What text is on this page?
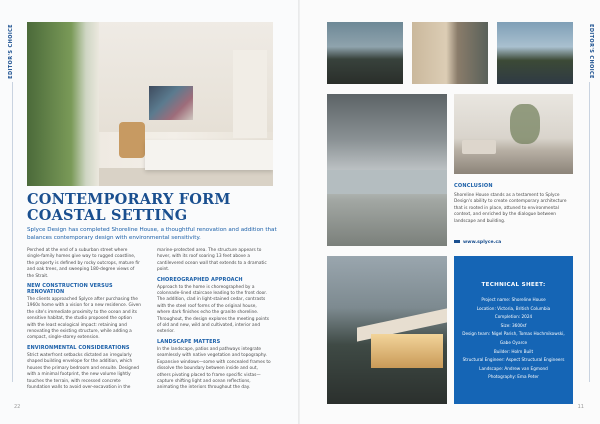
EDITOR'S CHOICE
CONTEMPORARY FORM
COASTAL SETTING
Splyce Design has completed Shoreline House, a thoughtful renovation and addition that balances contemporary design with environmental sensitivity.

Perched at the end of a suburban street where single-family homes give way to rugged coastline, the property is defined by rocky outcrops, mature fir and oak trees, and sweeping 180-degree views of the Strait.

NEW CONSTRUCTION VERSUS RENOVATION

The clients approached Splyce after purchasing the 1960s home with a vision for a new residence. Given the site's immediate proximity to the ocean and its sensitive habitat, the studio proposed the option with the least ecological impact: retaining and renovating the existing structure, while adding a compact, single-storey extension.

ENVIRONMENTAL CONSIDERATIONS

Strict waterfront setbacks dictated an irregularly shaped building envelope for the addition, which houses the primary bedroom and ensuite. Designed with a minimal footprint, the new volume lightly touches the terrain, with recessed concrete foundation walls to avoid over-excavation in the

marine-protected area. The structure appears to hover, with its roof soaring 13 feet above a cantilevered ocean wall that extends to a dramatic point.

CHOREOGRAPHED APPROACH

Approach to the home is choreographed by a colonnade-lined staircase leading to the front door. The addition, clad in light-stained cedar, contrasts with the steel roof forms of the original house, where dark finishes echo the granite shoreline. Throughout, the design explores the meeting points of old and new, wild and cultivated, interior and exterior.

LANDSCAPE MATTERS

In the landscape, patios and pathways integrate seamlessly with native vegetation and topography. Expansive windows—some with concealed frames to dissolve the boundary between inside and out, others pivoting placed to frame specific vistas—capture shifting light and ocean reflections, animating the interiors throughout the day.

22
EDITOR'S CHOICE
11
CONCLUSION

Shoreline House stands as a testament to Splyce Design's ability to create contemporary architecture that is rooted in place, attuned to environmental context, and enriched by the dialogue between landscape and building.

www.splyce.ca
TECHNICAL SHEET:
Project name: Shoreline House
Location: Victoria, British Columbia
Completion: 2024
Size: 3600sf
Design team: Nigel Parish, Tomas Hochmikowski,
Gabe Oyarce
Builder: Holm Built
Structural Engineer: Aspect Structural Engineers
Landscape: Andrew van Egmond
Photography: Ema Peter
